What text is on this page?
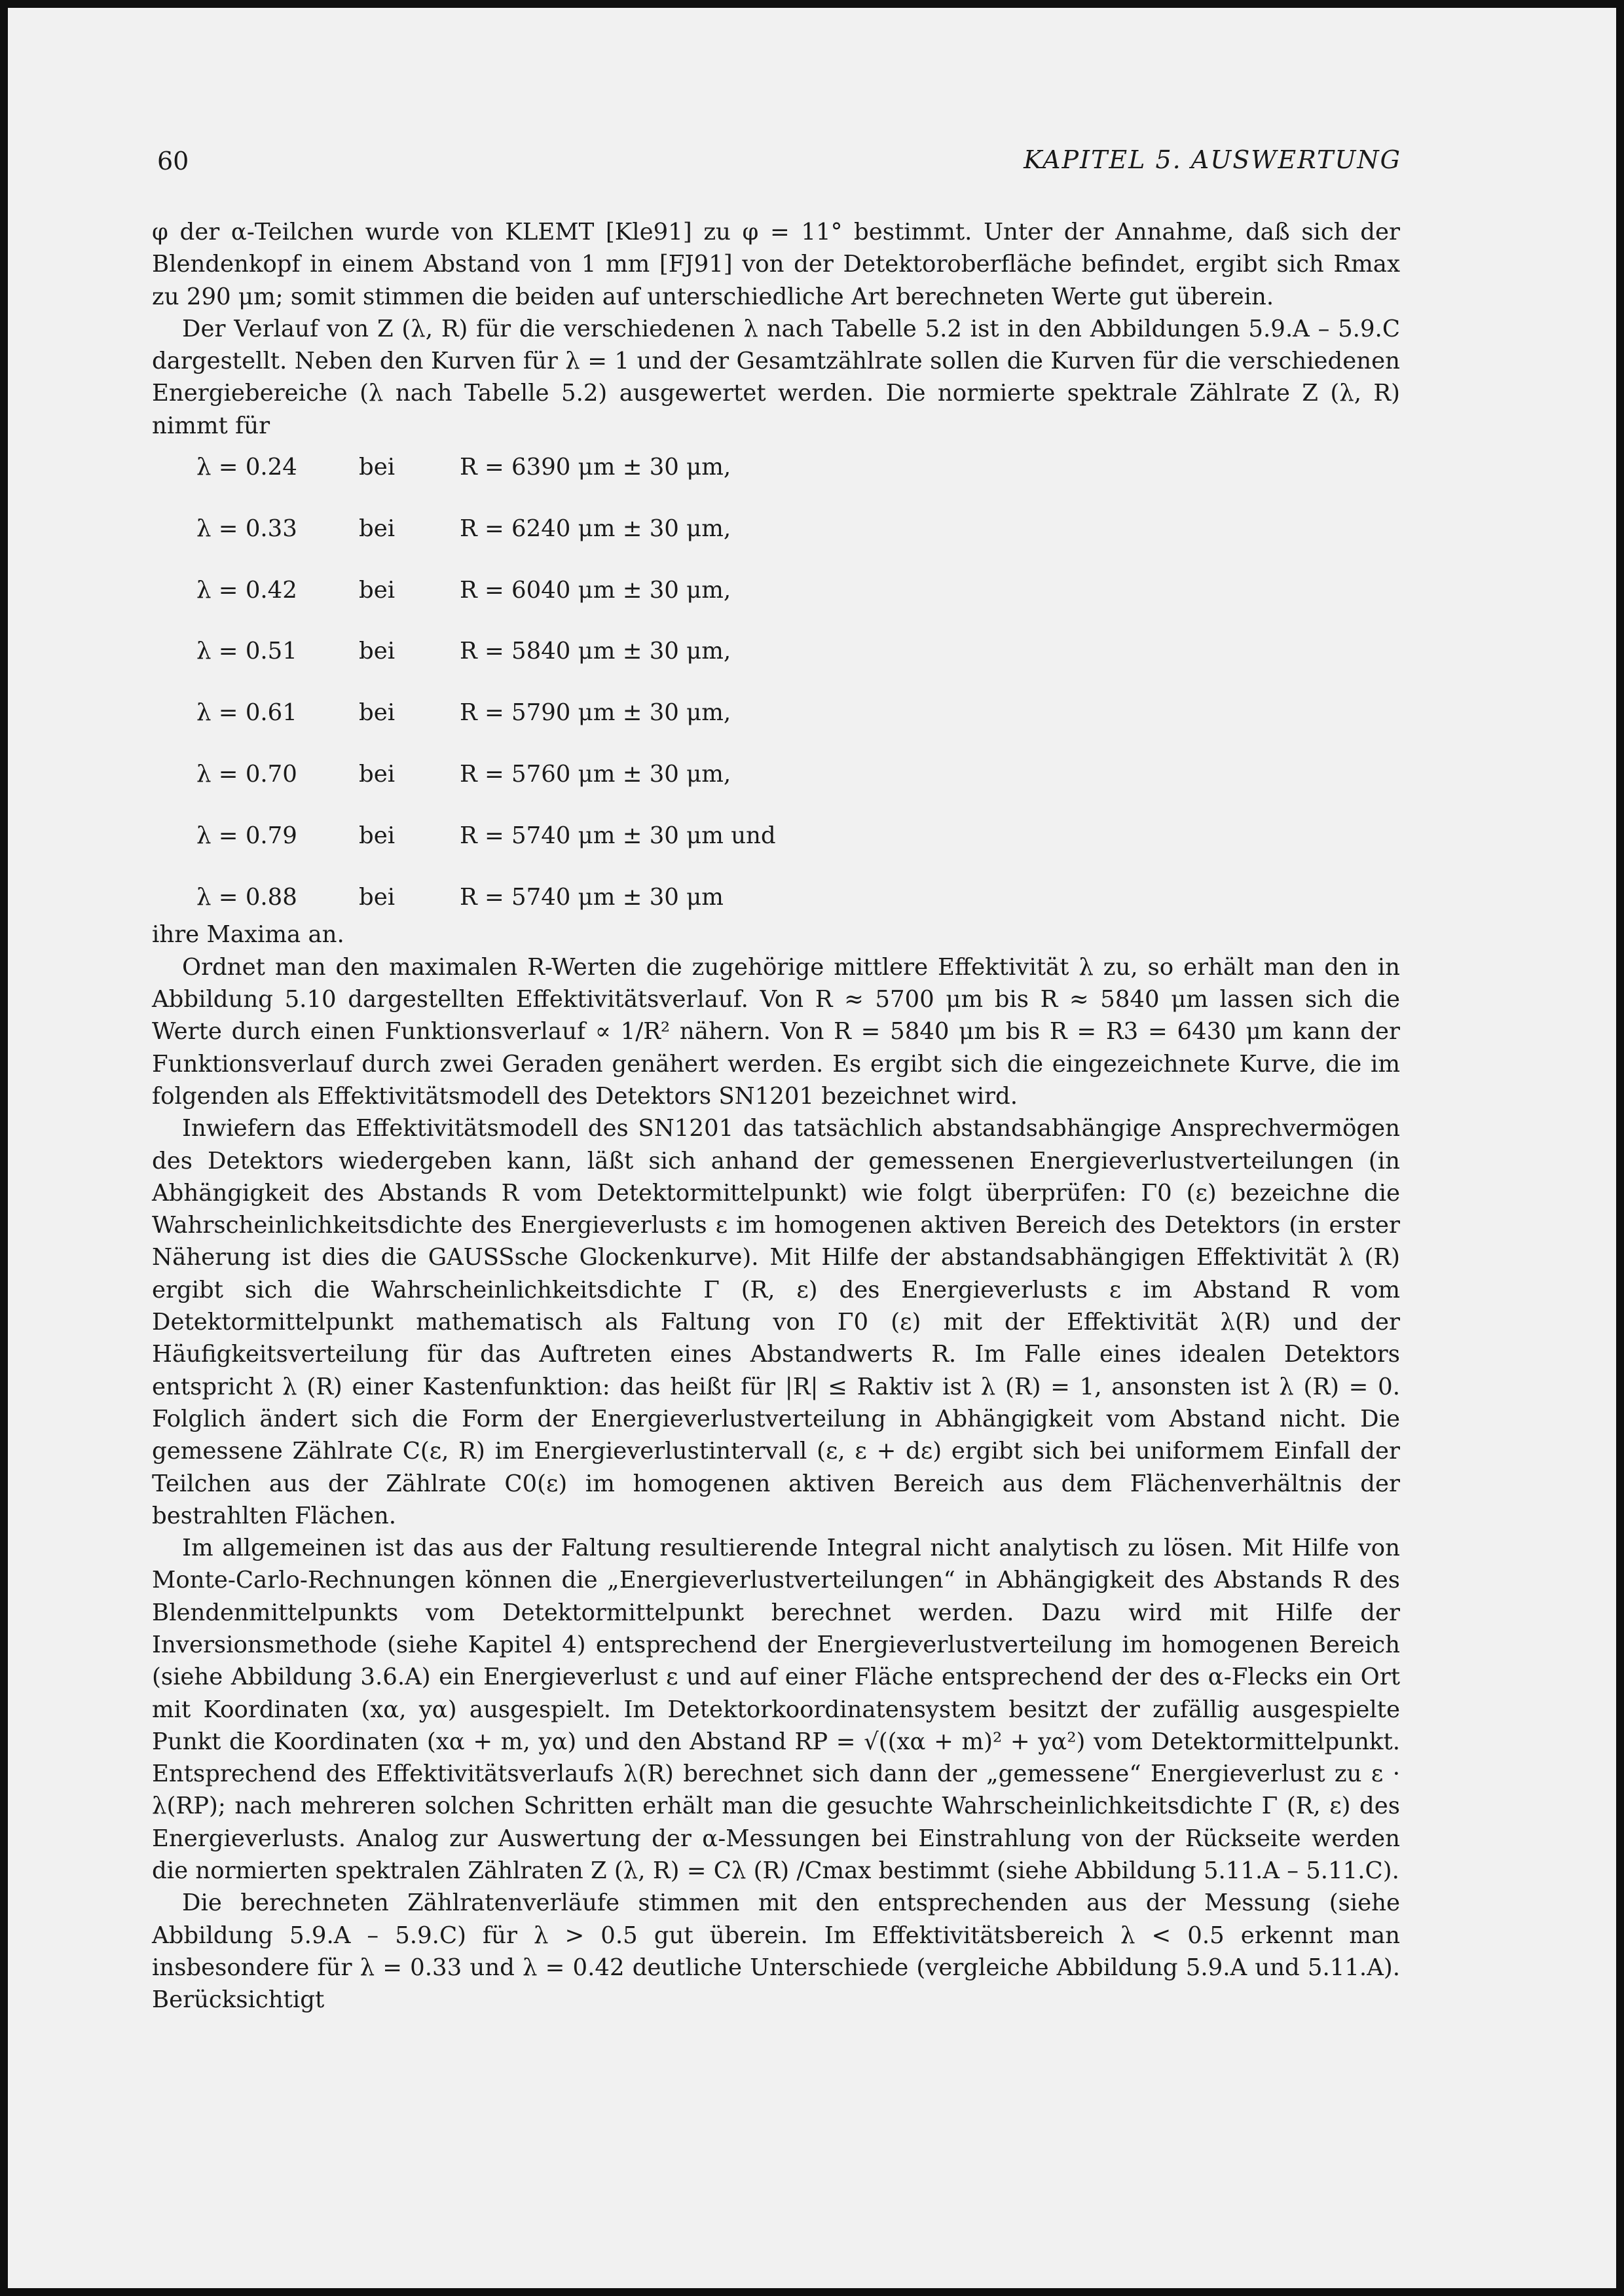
60	KAPITEL 5. AUSWERTUNG

φ der α-Teilchen wurde von KLEMT [Kle91] zu φ = 11° bestimmt. Unter der Annahme, daß sich der Blendenkopf in einem Abstand von 1 mm [FJ91] von der Detektoroberfläche befindet, ergibt sich Rmax zu 290 μm; somit stimmen die beiden auf unterschiedliche Art berechneten Werte gut überein.

Der Verlauf von Z (λ, R) für die verschiedenen λ nach Tabelle 5.2 ist in den Abbildungen 5.9.A – 5.9.C dargestellt. Neben den Kurven für λ = 1 und der Gesamtzählrate sollen die Kurven für die verschiedenen Energiebereiche (λ nach Tabelle 5.2) ausgewertet werden. Die normierte spektrale Zählrate Z (λ, R) nimmt für

λ = 0.24	bei	R = 6390 μm ± 30 μm,
λ = 0.33	bei	R = 6240 μm ± 30 μm,
λ = 0.42	bei	R = 6040 μm ± 30 μm,
λ = 0.51	bei	R = 5840 μm ± 30 μm,
λ = 0.61	bei	R = 5790 μm ± 30 μm,
λ = 0.70	bei	R = 5760 μm ± 30 μm,
λ = 0.79	bei	R = 5740 μm ± 30 μm und
λ = 0.88	bei	R = 5740 μm ± 30 μm

ihre Maxima an.

Ordnet man den maximalen R-Werten die zugehörige mittlere Effektivität λ zu, so erhält man den in Abbildung 5.10 dargestellten Effektivitätsverlauf. Von R ≈ 5700 μm bis R ≈ 5840 μm lassen sich die Werte durch einen Funktionsverlauf ∝ 1/R² nähern. Von R = 5840 μm bis R = R3 = 6430 μm kann der Funktionsverlauf durch zwei Geraden genähert werden. Es ergibt sich die eingezeichnete Kurve, die im folgenden als Effektivitätsmodell des Detektors SN1201 bezeichnet wird.

Inwiefern das Effektivitätsmodell des SN1201 das tatsächlich abstandsabhängige Ansprechvermögen des Detektors wiedergeben kann, läßt sich anhand der gemessenen Energieverlustverteilungen (in Abhängigkeit des Abstands R vom Detektormittelpunkt) wie folgt überprüfen: Γ0 (ε) bezeichne die Wahrscheinlichkeitsdichte des Energieverlusts ε im homogenen aktiven Bereich des Detektors (in erster Näherung ist dies die GAUSSsche Glockenkurve). Mit Hilfe der abstandsabhängigen Effektivität λ (R) ergibt sich die Wahrscheinlichkeitsdichte Γ (R, ε) des Energieverlusts ε im Abstand R vom Detektormittelpunkt mathematisch als Faltung von Γ0 (ε) mit der Effektivität λ(R) und der Häufigkeitsverteilung für das Auftreten eines Abstandwerts R. Im Falle eines idealen Detektors entspricht λ (R) einer Kastenfunktion: das heißt für |R| ≤ Raktiv ist λ (R) = 1, ansonsten ist λ (R) = 0. Folglich ändert sich die Form der Energieverlustverteilung in Abhängigkeit vom Abstand nicht. Die gemessene Zählrate C(ε, R) im Energieverlustintervall (ε, ε + dε) ergibt sich bei uniformem Einfall der Teilchen aus der Zählrate C0(ε) im homogenen aktiven Bereich aus dem Flächenverhältnis der bestrahlten Flächen.

Im allgemeinen ist das aus der Faltung resultierende Integral nicht analytisch zu lösen. Mit Hilfe von Monte-Carlo-Rechnungen können die „Energieverlustverteilungen“ in Abhängigkeit des Abstands R des Blendenmittelpunkts vom Detektormittelpunkt berechnet werden. Dazu wird mit Hilfe der Inversionsmethode (siehe Kapitel 4) entsprechend der Energieverlustverteilung im homogenen Bereich (siehe Abbildung 3.6.A) ein Energieverlust ε und auf einer Fläche entsprechend der des α-Flecks ein Ort mit Koordinaten (xα, yα) ausgespielt. Im Detektorkoordinatensystem besitzt der zufällig ausgespielte Punkt die Koordinaten (xα + m, yα) und den Abstand RP = √((xα + m)² + yα²) vom Detektormittelpunkt. Entsprechend des Effektivitätsverlaufs λ(R) berechnet sich dann der „gemessene“ Energieverlust zu ε · λ(RP); nach mehreren solchen Schritten erhält man die gesuchte Wahrscheinlichkeitsdichte Γ (R, ε) des Energieverlusts. Analog zur Auswertung der α-Messungen bei Einstrahlung von der Rückseite werden die normierten spektralen Zählraten Z (λ, R) = Cλ (R) /Cmax bestimmt (siehe Abbildung 5.11.A – 5.11.C).

Die berechneten Zählratenverläufe stimmen mit den entsprechenden aus der Messung (siehe Abbildung 5.9.A – 5.9.C) für λ > 0.5 gut überein. Im Effektivitätsbereich λ < 0.5 erkennt man insbesondere für λ = 0.33 und λ = 0.42 deutliche Unterschiede (vergleiche Abbildung 5.9.A und 5.11.A). Berücksichtigt
